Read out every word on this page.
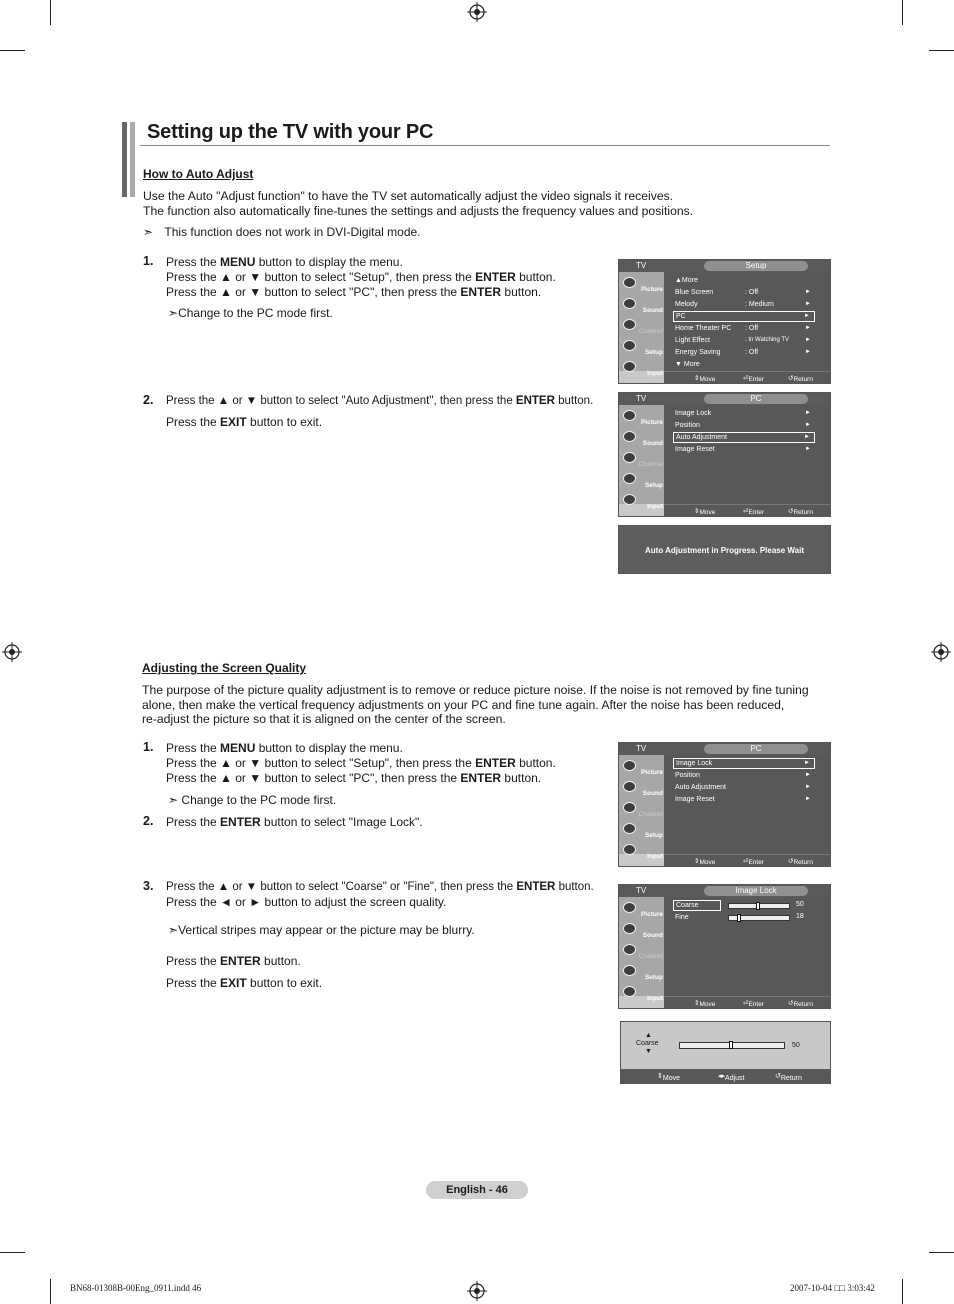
Setting up the TV with your PC
How to Auto Adjust
Use the Auto "Adjust function" to have the TV set automatically adjust the video signals it receives.
The function also automatically fine-tunes the settings and adjusts the frequency values and positions.
➣ This function does not work in DVI-Digital mode.
1. Press the MENU button to display the menu.
Press the ▲ or ▼ button to select "Setup", then press the ENTER button.
Press the ▲ or ▼ button to select "PC", then press the ENTER button.
➣Change to the PC mode first.
2. Press the ▲ or ▼ button to select "Auto Adjustment", then press the ENTER button.
Press the EXIT button to exit.
TV	Setup
Picture
Sound
Channel
Setup
Input
▲More
Blue Screen	: Off	►
Melody	: Medium	►
PC	►
Home Theater PC : Off	►
Light Effect	: In Watching TV	►
Energy Saving	: Off	►
▼ More
⇕ Move	⏎ Enter	↺ Return
TV	PC
Picture
Sound
Channel
Setup
Input
Image Lock	►
Position	►
Auto Adjustment	►
Image Reset	►
⇕ Move	⏎ Enter	↺ Return
Auto Adjustment in Progress. Please Wait
Adjusting the Screen Quality
The purpose of the picture quality adjustment is to remove or reduce picture noise. If the noise is not removed by fine tuning
alone, then make the vertical frequency adjustments on your PC and fine tune again. After the noise has been reduced,
re-adjust the picture so that it is aligned on the center of the screen.
1. Press the MENU button to display the menu.
Press the ▲ or ▼ button to select "Setup", then press the ENTER button.
Press the ▲ or ▼ button to select "PC", then press the ENTER button.
➣ Change to the PC mode first.
2. Press the ENTER button to select "Image Lock".
3. Press the ▲ or ▼ button to select "Coarse" or "Fine", then press the ENTER button.
Press the ◄ or ► button to adjust the screen quality.
➣Vertical stripes may appear or the picture may be blurry.
Press the ENTER button.
Press the EXIT button to exit.
TV	PC
Picture
Sound
Channel
Setup
Input
Image Lock	►
Position	►
Auto Adjustment	►
Image Reset	►
⇕ Move	⏎ Enter	↺ Return
TV	Image Lock
Picture
Sound
Channel
Setup
Input
Coarse	50
Fine	18
⇕ Move	⏎ Enter	↺ Return
▲
Coarse
▼
50
⇕ Move	◂▸ Adjust	↺ Return
English - 46
BN68-01308B-00Eng_0911.indd 46	2007-10-04 □□ 3:03:42
